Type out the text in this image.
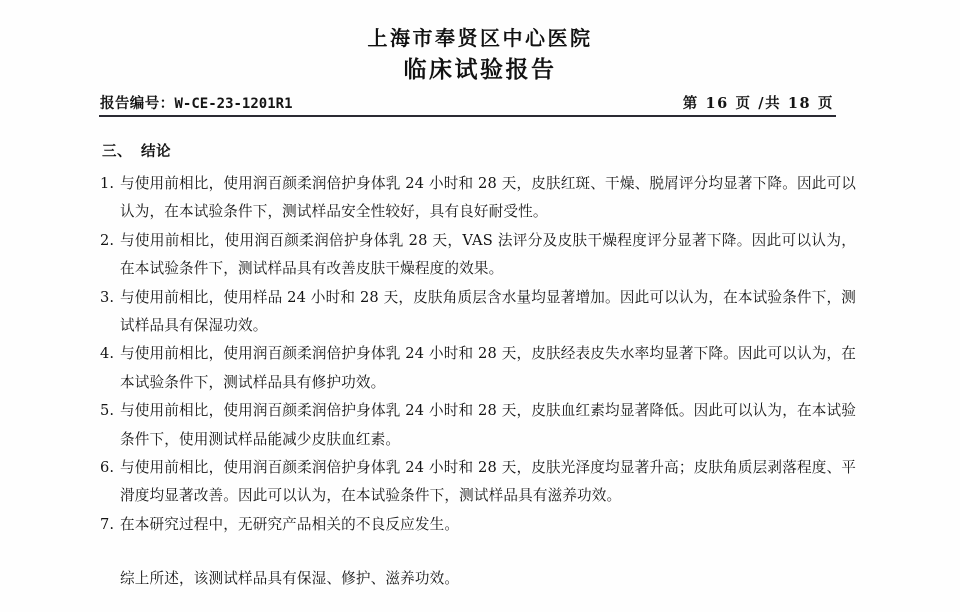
上海市奉贤区中心医院
临床试验报告
报告编号：W-CE-23-1201R1	第 16 页 /共 18 页
三、 结论
1. 与使用前相比，使用润百颜柔润倍护身体乳 24 小时和 28 天，皮肤红斑、干燥、脱屑评分均显著下降。因此可以认为，在本试验条件下，测试样品安全性较好，具有良好耐受性。
2. 与使用前相比，使用润百颜柔润倍护身体乳 28 天，VAS 法评分及皮肤干燥程度评分显著下降。因此可以认为，在本试验条件下，测试样品具有改善皮肤干燥程度的效果。
3. 与使用前相比，使用样品 24 小时和 28 天，皮肤角质层含水量均显著增加。因此可以认为，在本试验条件下，测试样品具有保湿功效。
4. 与使用前相比，使用润百颜柔润倍护身体乳 24 小时和 28 天，皮肤经表皮失水率均显著下降。因此可以认为，在本试验条件下，测试样品具有修护功效。
5. 与使用前相比，使用润百颜柔润倍护身体乳 24 小时和 28 天，皮肤血红素均显著降低。因此可以认为，在本试验条件下，使用测试样品能减少皮肤血红素。
6. 与使用前相比，使用润百颜柔润倍护身体乳 24 小时和 28 天，皮肤光泽度均显著升高；皮肤角质层剥落程度、平滑度均显著改善。因此可以认为，在本试验条件下，测试样品具有滋养功效。
7. 在本研究过程中，无研究产品相关的不良反应发生。
综上所述，该测试样品具有保湿、修护、滋养功效。
